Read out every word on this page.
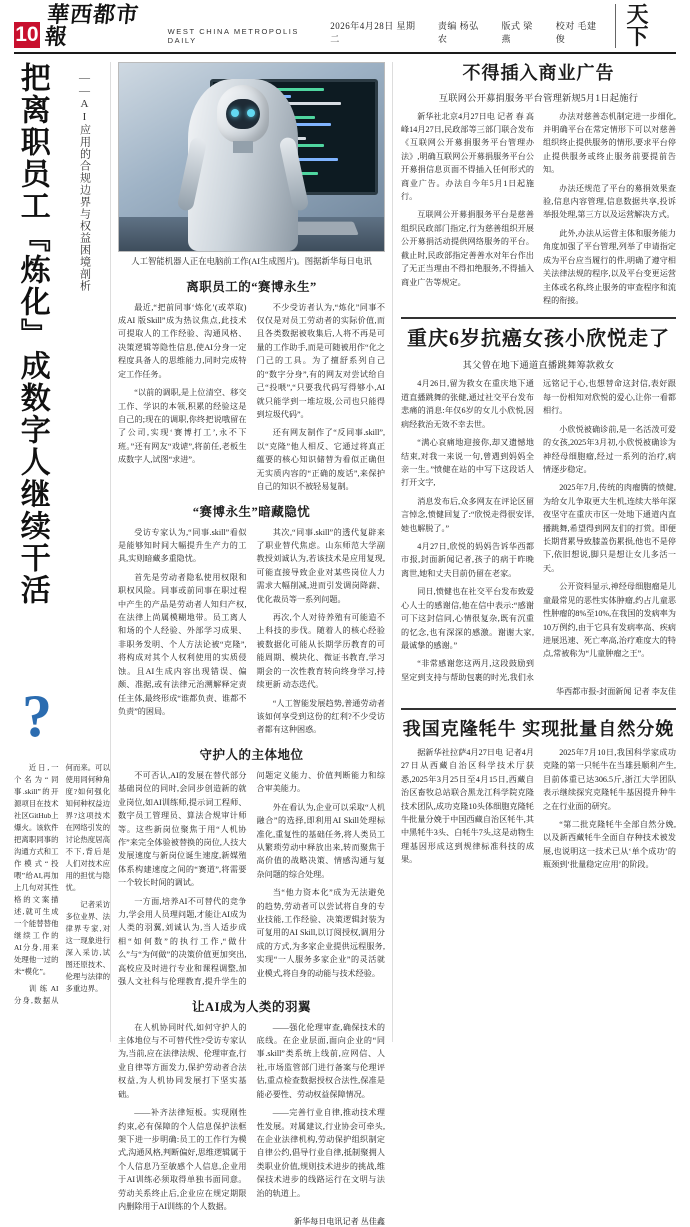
10
華西都市報	WEST CHINA METROPOLIS DAILY
2026年4月28日 星期二
责编 杨弘农
版式 梁燕
校对 毛建俊
天下
把离职员工『炼化』成数字人继续干活	——AI应用的合规边界与权益困境剖析
?

近日,一个名为“同事.skill”的开源项目在技术社区GitHub上爆火。该软件把离职同事的沟通方式和工作模式“投喂”给AI,再加上几句对其性格的文案描述,就可生成一个能替替他继续工作的AI分身,用来处理他一过的未“模化”。

训练AI分身,数据从何而来。可以使用同何种角度?如何强化知何种权益边界?这项技术在网络引发的讨论热度居高不下,背后是人们对技术应用的担忧与隐忧。

记者采访多位业界、法律界专家,对这一现象进行深入采访,试图还原技术、伦理与法律的多重边界。

人工智能机器人正在电脑前工作(AI生成图片)。图据新华每日电讯
离职员工的“赛博永生”

最近,“把前同事‘炼化’(或萃取)成AI 版Skill”成为热议焦点,此技术可提取人的工作经验、沟通风格、决策逻辑等隐性信息,使AI分身一定程度具备人的思维能力,同时完成特定工作任务。

“以前的调职,是上位清空、移交工作、学识的本领,积累的经验这是自己的;现在的调职,你终把说哦留在了公司,实现‘赛博打工’,永不下班。”还有网友“戏谑”,将前任,老板生成数字人,试图“求进”。

不少受访者认为,“炼化”同事不仅仅是对员工劳动者的实际价值,而且各类数据被收集后,人将不再是可量的工作助手,而是可随被用作“化之门己的工具。为了擅舒系列自己的“数字分身”,有的网友对尝试给自己“投喂”,“只要我代码写得够小,AI就只能学到一堆垃圾,公司也只能得到垃圾代码”。

还有网友制作了“反同事.skill”,以“克隆”他人相反、它通过将真正蕴要的核心知识储替为看似正确但无实质内容的“正确的废话”,来保护自己的知识不被轻易复制。

“赛博永生”暗藏隐忧

受访专家认为,“同事.skill”看似是能够知时间大幅提升生产力的工具,实则暗藏多重隐忧。

首先是劳动者隐私使用权限和职权风险。同事或前同事在职过程中产生的产品是劳动者人知归产权,在法律上尚属模糊地带。员工离人和场的个人经验、外部学习成果、非职务发明、个人方法论被“克隆”,将构成对其个人权利使用的实质侵蚀。且AI生成内容出现错误、偏颇、准据,或有法律元治溯解释定责任主体,最终形成“谁都负责、谁都不负责”的困局。

其次,“同事.skill”的透代复辟来了职业替代焦虑。山东师范大学副教授刘诚认为,若该技术是应用复现,可能直接导致企业对某些岗位人力需求大幅削减,进而引发调岗降薪、优化裁员等一系列问题。

再次,个人对待养殖有可能造不上科技的步伐。随着人的核心经验被数据化可能从长期学历教育的可能周期、模块化、微证书教育,学习期会的一次性教育转向终身学习,持续更新 动态迭代。

“人工智能发展趋势,普通劳动者该如何享受到这份的红利?不少受访者都有这种困惑。

守护人的主体地位

不可否认,AI的发展在替代部分基础岗位的同时,会同步创造新的就业岗位,如AI训练师,提示词工程师、数字员工管理员、算法合规审计师等。这些新岗位聚焦于用“人机协作”来完全体验被替换的岗位,人技大发展速度与新岗位诞生速度,新媒殖体系构建速度之间的“赛道”,将需要一个较长时间的调试。

一方面,培养AI不可替代的竞争力,学会用人员理问题,才能让AI成为人类的羽翼,刘诚认为,当人适步成相“如何数”的执行工作,“做什么”与“为何做”的决策价值更加突出,高校应及时进行专业和课程调整,加强人文社科与伦理教育,提升学生的问题定义能力、价值判断能力和综合审美能力。

外在看认为,企业可以采取“人机融合”的选择,即利用AI Skill处理标准化,重复性的基础任务,将人类员工从繁琐劳动中释放出来,转而聚焦于高价值的战略决策、情感沟通与复杂问题的综合处理。

当“他力资本化”成为无法避免的趋势,劳动者可以尝试将自身的专业技能,工作经验、决策逻辑封装为可复用的AI Skill,以订阅授权,调用分成的方式,为多家企业提供远程服务,实现“一人服务多家企业”的灵活就业模式,将自身的动能与技术经验。

让AI成为人类的羽翼

在人机协同时代,如何守护人的主体地位与不可替代性?受访专家认为,当前,应在法律法规、伦理审查,行业自律等方面发力,保护劳动者合法权益,为人机协同发展打下坚实基础。

——补齐法律短板。实现刚性约束,必有保障的个人信息保护法框架下进一步明确:员工的工作行为模式,沟通风格,判断偏好,思维逻辑属于个人信息乃至敏感个人信息,企业用于AI训练必须取得单独书面同意。劳动关系终止后,企业应在规定期限内删除用于AI训练的个人数据。

——强化伦理审查,确保技术的底线。在企业层面,面向企业的“同事.skill”类系统上线前,应网信、人社,市场监管部门进行备案与伦理评估,重点检查数据授权合法性,保准是能必要性、劳动权益保障情况。

——完善行业自律,推动技术理性发展。对属建议,行业协会可牵头,在企业法律机构,劳动保护组织制定自律公约,倡导行业自律,抵制聚拥人类职业价值,规则技术进步的挑战,维保技术进步的线路运行在文明与法治的轨道上。

新华每日电讯记者 丛佳鑫
不得插入商业广告
互联网公开募捐服务平台管理新规5月1日起施行

新华社北京4月27日电 记者 春 高峰14月27日,民政部等三部门联合发布《互联网公开募捐服务平台管理办法》,明确互联网公开募捐服务平台公开募捐信息页面不得插入任何形式的商业广告。办法自今年5月1日起施行。

互联网公开募捐服务平台是慈善组织民政部门指定,行为慈善组织开展公开募捐活动提供网络服务的平台。截止时,民政部指定善善水对年台作出了无正当理由不得扣绝服务,不得插入商业广告等规定。

办法对慈善态机制定进一步细化,并明确平台在常定情形下可以对慈善组织终止提供服务的情形,要求平台停止提供服务或终止服务前要提前告知。

办法还规范了平台的募捐效果查验,信息内容管理,信息数据共享,投诉举报处理,第三方以及运营解决方式。

此外,办法从运营主体和服务能力角度加强了平台管理,列举了申请指定成为平台应当履行的件,明确了遵守相关法律法规的程序,以及平台变更运营主体或名称,终止服务的审查程序和流程的衔接。

重庆6岁抗癌女孩小欣悦走了
其父曾在地下通道直播跳舞筹款救女

4月26日,留为救女在重庆地下通道直播跳舞的张健,通过社交平台发布悲痛的消息:年仅6岁的女儿小欣悦,因病经救治无效不幸去世。

“满心哀痛地迎接你,却又遗憾地结束,对我一来说一句,曾遇到妈妈全亲一生。”愤健在站的中写下这段话人打开文字,

消息发布后,众多网友在评论区留言悼念,愤健回复了:“欣悦走得很安详,她也解脱了。”

4月27日,欣悦的妈妈告诉华西都市报,封面新闻记者,孩子的病于昨晚离世,她和丈夫目前仍留在老家。

同日,愤健也在社交平台发布致爱心人士的感谢信,他在信中表示:“感谢可下这封信同,心情很复杂,既有沉重的忆念,也有深深的感激。谢谢大家,最诚挚的感谢。”

“非常感谢您这两月,这段鼓励到坚定到支持与帮助包裹的时光,我们永远铭记于心,也想替命这封信,表好跟每一份相知对欣悦的爱心,让你一看都相行。

小欣悦被确诊前,是一名活泼可爱的女孩,2025年3月初,小欣悦被确诊为神经母细胞瘤,经过一系列的治疗,病情逐步稳定。

2025年7月,传统的肉瘤腾的愤健,为给女儿争取更大生机,连续大举年深夜坚守在重庆市区一处地下通道内直播跳舞,希望得到网友们的打赏。即便长期背累导致膝盖伤累损,他也不是停下,依旧想说,脚只是想让女儿多活一天。

公开资料显示,神经母细胞瘤是儿童最常见的恶性实体肿瘤,约占儿童恶性肿瘤的8%至10%,在我国的发病率为10万例约,由于它具有发病率高、疾病进展迅速、死亡率高,治疗难度大的特点,常被称为“儿童肿瘤之王”。

华西都市报-封面新闻 记者 李友佳
我国克隆牦牛 实现批量自然分娩

据新华社拉萨4月27日电 记者4月27日从西藏自治区科学技术厅获悉,2025年3月25日至4月15日,西藏自治区畜牧总站联合黑龙江科学院克隆技术团队,成功克隆10头体细胞克隆牦牛批量分娩于中国西藏自治区牦牛,其中黑牦牛3头、白牦牛7头,这是动物生理基因形成这到规律标准科技的成果。

2025年7月10日,我国科学家成功克隆的第一只牦牛在当雄县顺利产生,目前体重已达306.5斤,浙江大学团队表示继续探究克隆牦牛基因提升种牛之在行业面的研究。

“第二批克隆牦牛全部自然分娩,以及新西藏牦牛全面自存种技术被发展,也说明这一技术已从‘单个成功’的瓶颈到‘批量稳定应用’的阶段。
